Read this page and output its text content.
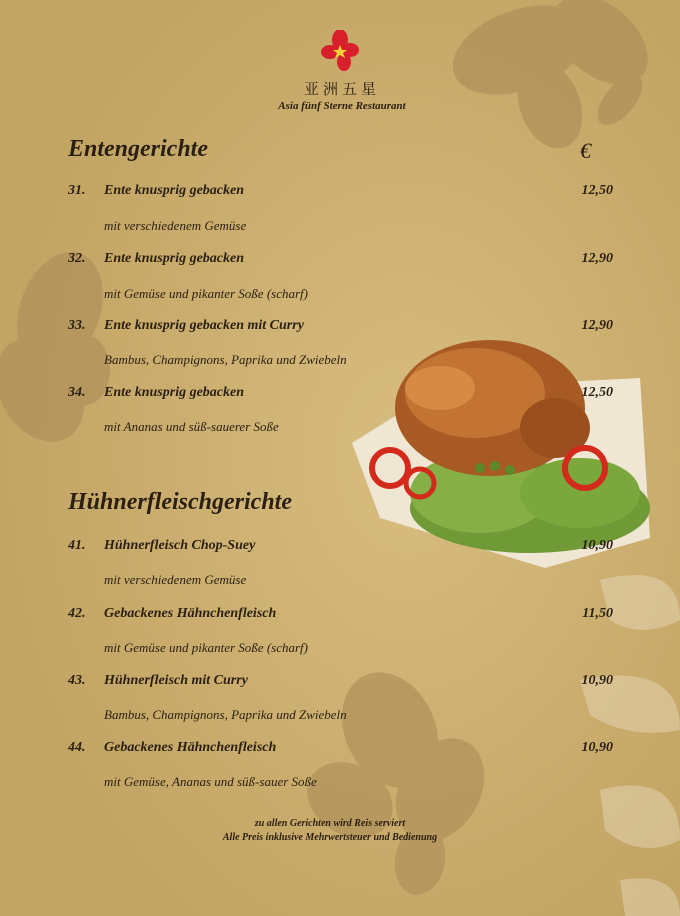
亚洲五星
Asia fünf Sterne Restaurant
Entengerichte	€
31. Ente knusprig gebacken	12,50
mit verschiedenem Gemüse
32. Ente knusprig gebacken	12,90
mit Gemüse und pikanter Soße (scharf)
33. Ente knusprig gebacken mit Curry	12,90
Bambus, Champignons, Paprika und Zwiebeln
34. Ente knusprig gebacken	12,50
mit Ananas und süß-sauerer Soße
Hühnerfleischgerichte
41. Hühnerfleisch Chop-Suey	10,90
mit verschiedenem Gemüse
42. Gebackenes Hähnchenfleisch	11,50
mit Gemüse und pikanter Soße (scharf)
43. Hühnerfleisch mit Curry	10,90
Bambus, Champignons, Paprika und Zwiebeln
44. Gebackenes Hähnchenfleisch	10,90
mit Gemüse, Ananas und süß-sauer Soße
zu allen Gerichten wird Reis serviert
Alle Preis inklusive Mehrwertsteuer und Bedienung
